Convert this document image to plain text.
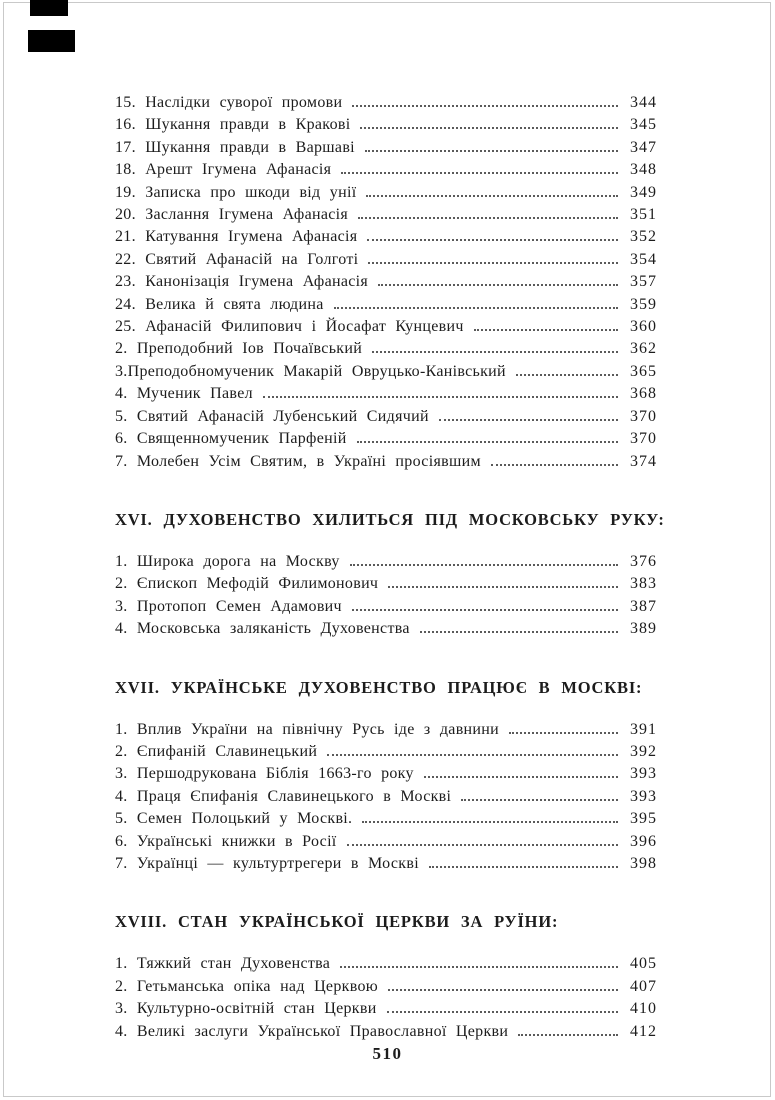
15. Наслідки суворої промови	344
16. Шукання правди в Кракові	345
17. Шукання правди в Варшаві	347
18. Арешт Ігумена Афанасія	348
19. Записка про шкоди від унії	349
20. Заслання Ігумена Афанасія	351
21. Катування Ігумена Афанасія	352
22. Святий Афанасій на Голготі	354
23. Канонізація Ігумена Афанасія	357
24. Велика й свята людина	359
25. Афанасій Филипович і Йосафат Кунцевич	360
2. Преподобний Іов Почаївський	362
3.Преподобномученик Макарій Овруцько-Канівський	365
4. Мученик Павел	368
5. Святий Афанасій Лубенський Сидячий	370
6. Священномученик Парфеній	370
7. Молебен Усім Святим, в Україні просіявшим	374
XVI. ДУХОВЕНСТВО ХИЛИТЬСЯ ПІД МОСКОВСЬКУ РУКУ:
1. Широка дорога на Москву	376
2. Єпископ Мефодій Филимонович	383
3. Протопоп Семен Адамович	387
4. Московська заляканість Духовенства	389
XVII. УКРАЇНСЬКЕ ДУХОВЕНСТВО ПРАЦЮЄ В МОСКВІ:
1. Вплив України на північну Русь іде з давнини	391
2. Єпифаній Славинецький	392
3. Першодрукована Біблія 1663-го року	393
4. Праця Єпифанія Славинецького в Москві	393
5. Семен Полоцький у Москві.	395
6. Українські книжки в Росії	396
7. Українці — культуртрегери в Москві	398
XVIII. СТАН УКРАЇНСЬКОЇ ЦЕРКВИ ЗА РУЇНИ:
1. Тяжкий стан Духовенства	405
2. Гетьманська опіка над Церквою	407
3. Культурно-освітній стан Церкви	410
4. Великі заслуги Української Православної Церкви	412
510
